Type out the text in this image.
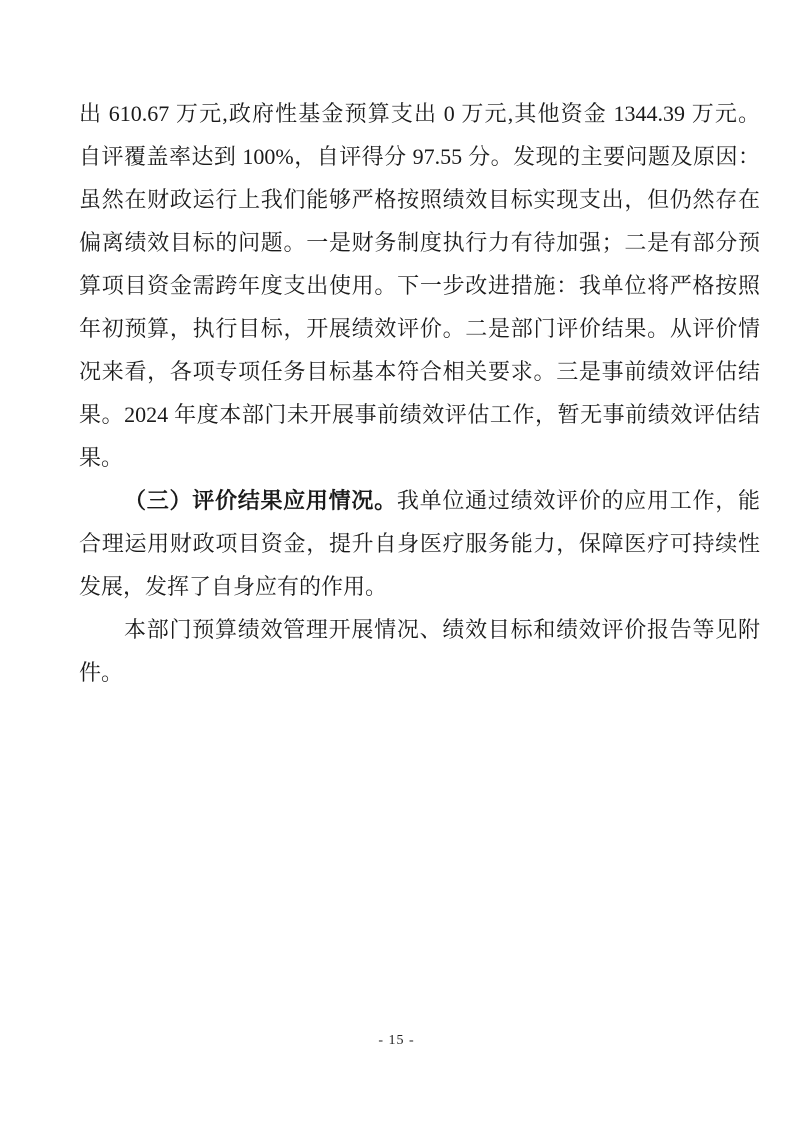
出 610.67 万元,政府性基金预算支出 0 万元,其他资金 1344.39 万元。
自评覆盖率达到 100%，自评得分 97.55 分。发现的主要问题及原因：
虽然在财政运行上我们能够严格按照绩效目标实现支出，但仍然存在
偏离绩效目标的问题。一是财务制度执行力有待加强；二是有部分预
算项目资金需跨年度支出使用。下一步改进措施：我单位将严格按照
年初预算，执行目标，开展绩效评价。二是部门评价结果。从评价情
况来看，各项专项任务目标基本符合相关要求。三是事前绩效评估结
果。2024 年度本部门未开展事前绩效评估工作，暂无事前绩效评估结
果。
（三）评价结果应用情况。我单位通过绩效评价的应用工作，能
合理运用财政项目资金，提升自身医疗服务能力，保障医疗可持续性
发展，发挥了自身应有的作用。
本部门预算绩效管理开展情况、绩效目标和绩效评价报告等见附
件。
- 15 -
